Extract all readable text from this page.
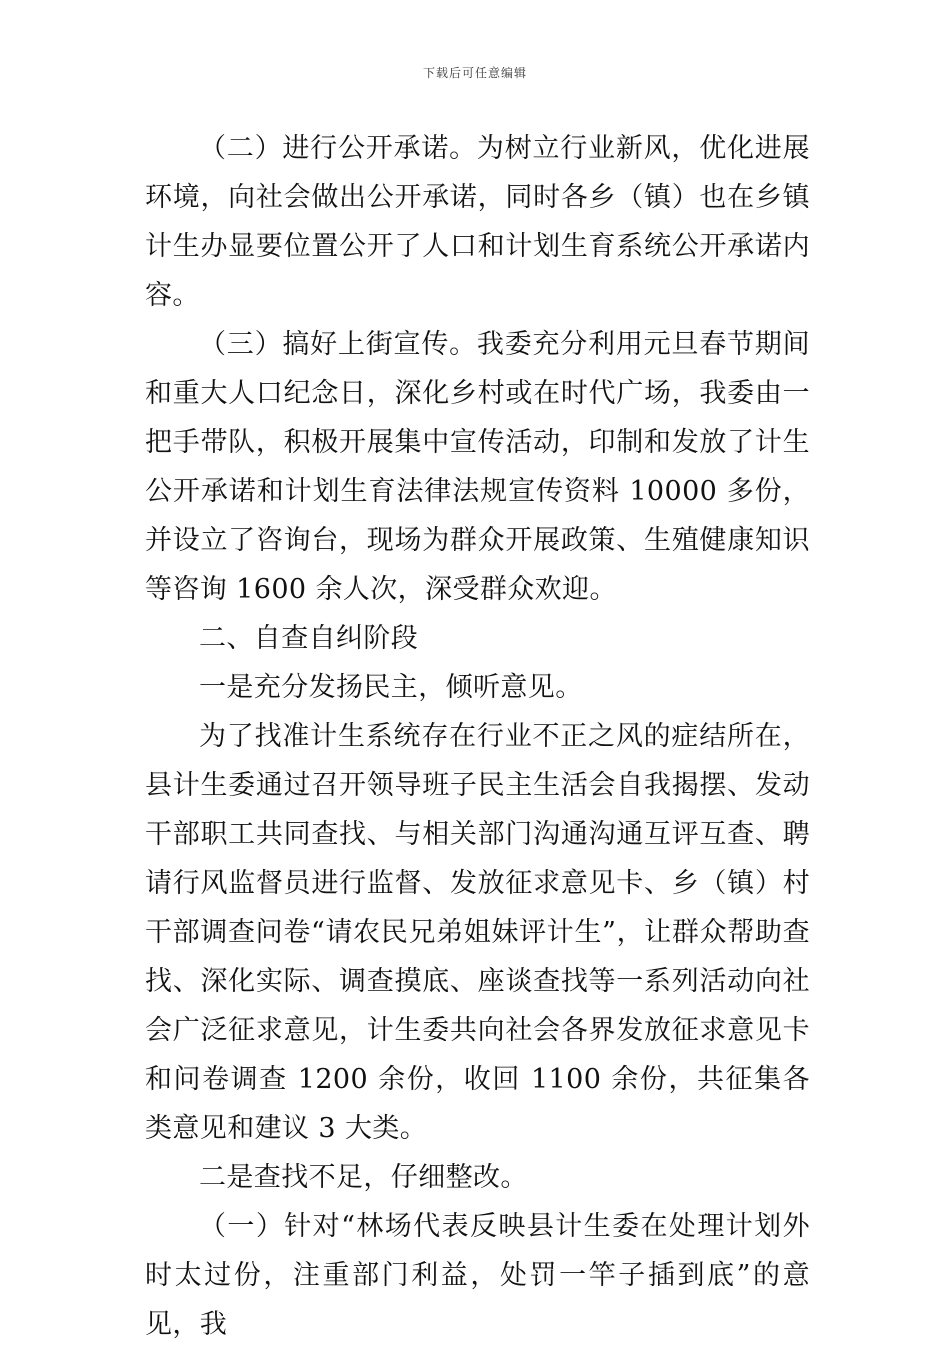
下载后可任意编辑

（二）进行公开承诺。为树立行业新风，优化进展环境，向社会做出公开承诺，同时各乡（镇）也在乡镇计生办显要位置公开了人口和计划生育系统公开承诺内容。

（三）搞好上街宣传。我委充分利用元旦春节期间和重大人口纪念日，深化乡村或在时代广场，我委由一把手带队，积极开展集中宣传活动，印制和发放了计生公开承诺和计划生育法律法规宣传资料 10000 多份，并设立了咨询台，现场为群众开展政策、生殖健康知识等咨询 1600 余人次，深受群众欢迎。

二、自查自纠阶段

一是充分发扬民主，倾听意见。

为了找准计生系统存在行业不正之风的症结所在，县计生委通过召开领导班子民主生活会自我揭摆、发动干部职工共同查找、与相关部门沟通沟通互评互查、聘请行风监督员进行监督、发放征求意见卡、乡（镇）村干部调查问卷“请农民兄弟姐妹评计生”，让群众帮助查找、深化实际、调查摸底、座谈查找等一系列活动向社会广泛征求意见，计生委共向社会各界发放征求意见卡和问卷调查 1200 余份，收回 1100 余份，共征集各类意见和建议 3 大类。

二是查找不足，仔细整改。

（一）针对“林场代表反映县计生委在处理计划外时太过份，注重部门利益，处罚一竿子插到底”的意见，我
